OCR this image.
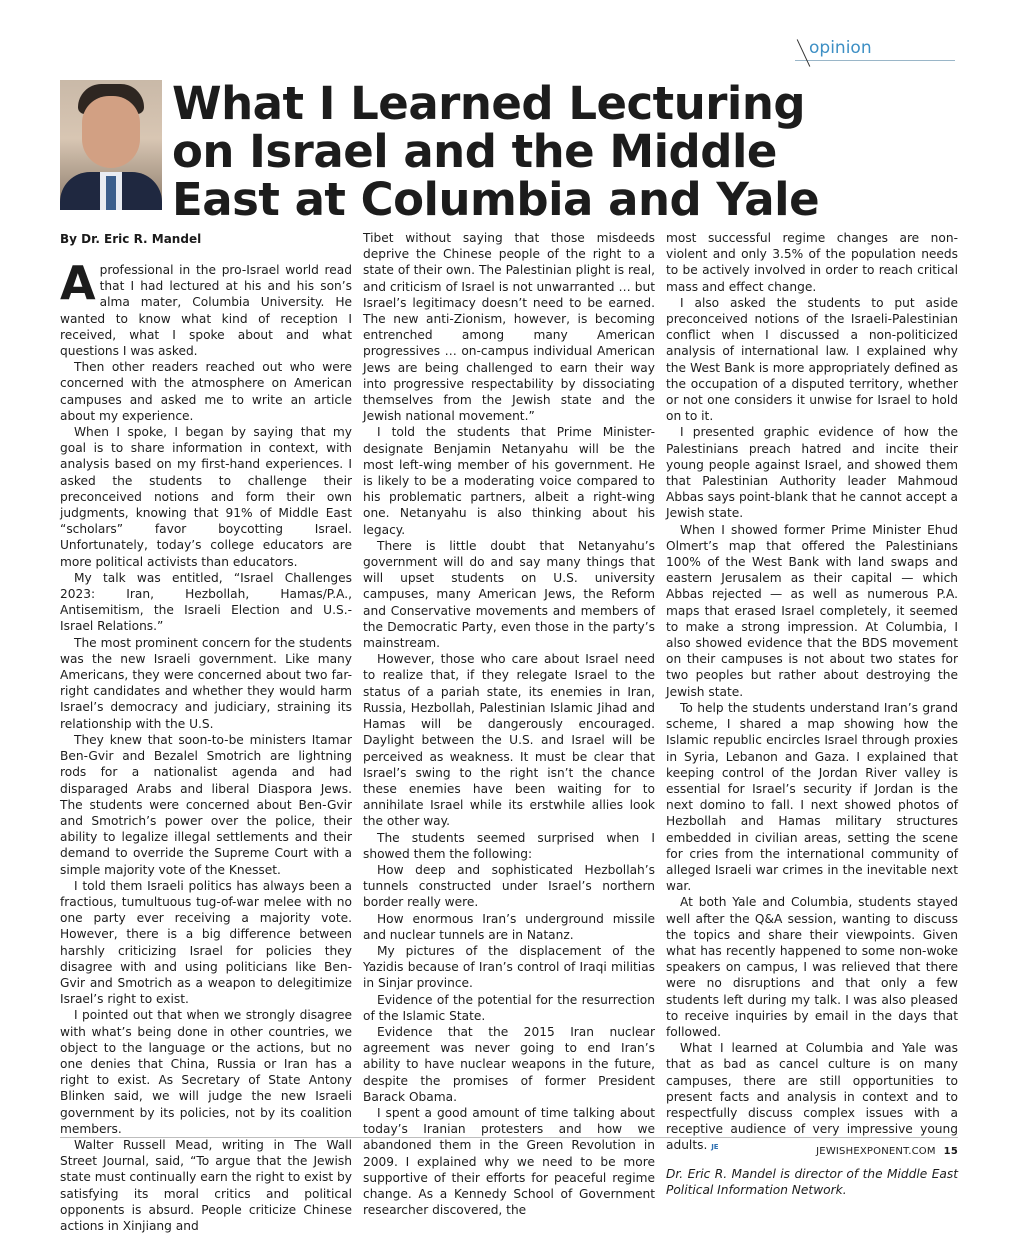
opinion
What I Learned Lecturing on Israel and the Middle East at Columbia and Yale
By Dr. Eric R. Mandel

A professional in the pro-Israel world read that I had lectured at his and his son’s alma mater, Columbia University. He wanted to know what kind of reception I received, what I spoke about and what questions I was asked.

Then other readers reached out who were concerned with the atmosphere on American campuses and asked me to write an article about my experience.

When I spoke, I began by saying that my goal is to share information in context, with analysis based on my first-hand experiences. I asked the students to challenge their preconceived notions and form their own judgments, knowing that 91% of Middle East “scholars” favor boycotting Israel. Unfortunately, today’s college educators are more political activists than educators.

My talk was entitled, “Israel Challenges 2023: Iran, Hezbollah, Hamas/P.A., Antisemitism, the Israeli Election and U.S.-Israel Relations.”

The most prominent concern for the students was the new Israeli government. Like many Americans, they were concerned about two far-right candidates and whether they would harm Israel’s democracy and judiciary, straining its relationship with the U.S.

They knew that soon-to-be ministers Itamar Ben-Gvir and Bezalel Smotrich are lightning rods for a nationalist agenda and had disparaged Arabs and liberal Diaspora Jews. The students were concerned about Ben-Gvir and Smotrich’s power over the police, their ability to legalize illegal settlements and their demand to override the Supreme Court with a simple majority vote of the Knesset.

I told them Israeli politics has always been a fractious, tumultuous tug-of-war melee with no one party ever receiving a majority vote. However, there is a big difference between harshly criticizing Israel for policies they disagree with and using politicians like Ben-Gvir and Smotrich as a weapon to delegitimize Israel’s right to exist.

I pointed out that when we strongly disagree with what’s being done in other countries, we object to the language or the actions, but no one denies that China, Russia or Iran has a right to exist. As Secretary of State Antony Blinken said, we will judge the new Israeli government by its policies, not by its coalition members.

Walter Russell Mead, writing in The Wall Street Journal, said, “To argue that the Jewish state must continually earn the right to exist by satisfying its moral critics and political opponents is absurd. People criticize Chinese actions in Xinjiang and

Tibet without saying that those misdeeds deprive the Chinese people of the right to a state of their own. The Palestinian plight is real, and criticism of Israel is not unwarranted … but Israel’s legitimacy doesn’t need to be earned. The new anti-Zionism, however, is becoming entrenched among many American progressives … on-campus individual American Jews are being challenged to earn their way into progressive respectability by dissociating themselves from the Jewish state and the Jewish national movement.”

I told the students that Prime Minister-designate Benjamin Netanyahu will be the most left-wing member of his government. He is likely to be a moderating voice compared to his problematic partners, albeit a right-wing one. Netanyahu is also thinking about his legacy.

There is little doubt that Netanyahu’s government will do and say many things that will upset students on U.S. university campuses, many American Jews, the Reform and Conservative movements and members of the Democratic Party, even those in the party’s mainstream.

However, those who care about Israel need to realize that, if they relegate Israel to the status of a pariah state, its enemies in Iran, Russia, Hezbollah, Palestinian Islamic Jihad and Hamas will be dangerously encouraged. Daylight between the U.S. and Israel will be perceived as weakness. It must be clear that Israel’s swing to the right isn’t the chance these enemies have been waiting for to annihilate Israel while its erstwhile allies look the other way.

The students seemed surprised when I showed them the following:

How deep and sophisticated Hezbollah’s tunnels constructed under Israel’s northern border really were.

How enormous Iran’s underground missile and nuclear tunnels are in Natanz.

My pictures of the displacement of the Yazidis because of Iran’s control of Iraqi militias in Sinjar province.

Evidence of the potential for the resurrection of the Islamic State.

Evidence that the 2015 Iran nuclear agreement was never going to end Iran’s ability to have nuclear weapons in the future, despite the promises of former President Barack Obama.

I spent a good amount of time talking about today’s Iranian protesters and how we abandoned them in the Green Revolution in 2009. I explained why we need to be more supportive of their efforts for peaceful regime change. As a Kennedy School of Government researcher discovered, the

most successful regime changes are non-violent and only 3.5% of the population needs to be actively involved in order to reach critical mass and effect change.

I also asked the students to put aside preconceived notions of the Israeli-Palestinian conflict when I discussed a non-politicized analysis of international law. I explained why the West Bank is more appropriately defined as the occupation of a disputed territory, whether or not one considers it unwise for Israel to hold on to it.

I presented graphic evidence of how the Palestinians preach hatred and incite their young people against Israel, and showed them that Palestinian Authority leader Mahmoud Abbas says point-blank that he cannot accept a Jewish state.

When I showed former Prime Minister Ehud Olmert’s map that offered the Palestinians 100% of the West Bank with land swaps and eastern Jerusalem as their capital — which Abbas rejected — as well as numerous P.A. maps that erased Israel completely, it seemed to make a strong impression. At Columbia, I also showed evidence that the BDS movement on their campuses is not about two states for two peoples but rather about destroying the Jewish state.

To help the students understand Iran’s grand scheme, I shared a map showing how the Islamic republic encircles Israel through proxies in Syria, Lebanon and Gaza. I explained that keeping control of the Jordan River valley is essential for Israel’s security if Jordan is the next domino to fall. I next showed photos of Hezbollah and Hamas military structures embedded in civilian areas, setting the scene for cries from the international community of alleged Israeli war crimes in the inevitable next war.

At both Yale and Columbia, students stayed well after the Q&A session, wanting to discuss the topics and share their viewpoints. Given what has recently happened to some non-woke speakers on campus, I was relieved that there were no disruptions and that only a few students left during my talk. I was also pleased to receive inquiries by email in the days that followed.

What I learned at Columbia and Yale was that as bad as cancel culture is on many campuses, there are still opportunities to present facts and analysis in context and to respectfully discuss complex issues with a receptive audience of very impressive young adults. JE

Dr. Eric R. Mandel is director of the Middle East Political Information Network.

JEWISHEXPONENT.COM 15
